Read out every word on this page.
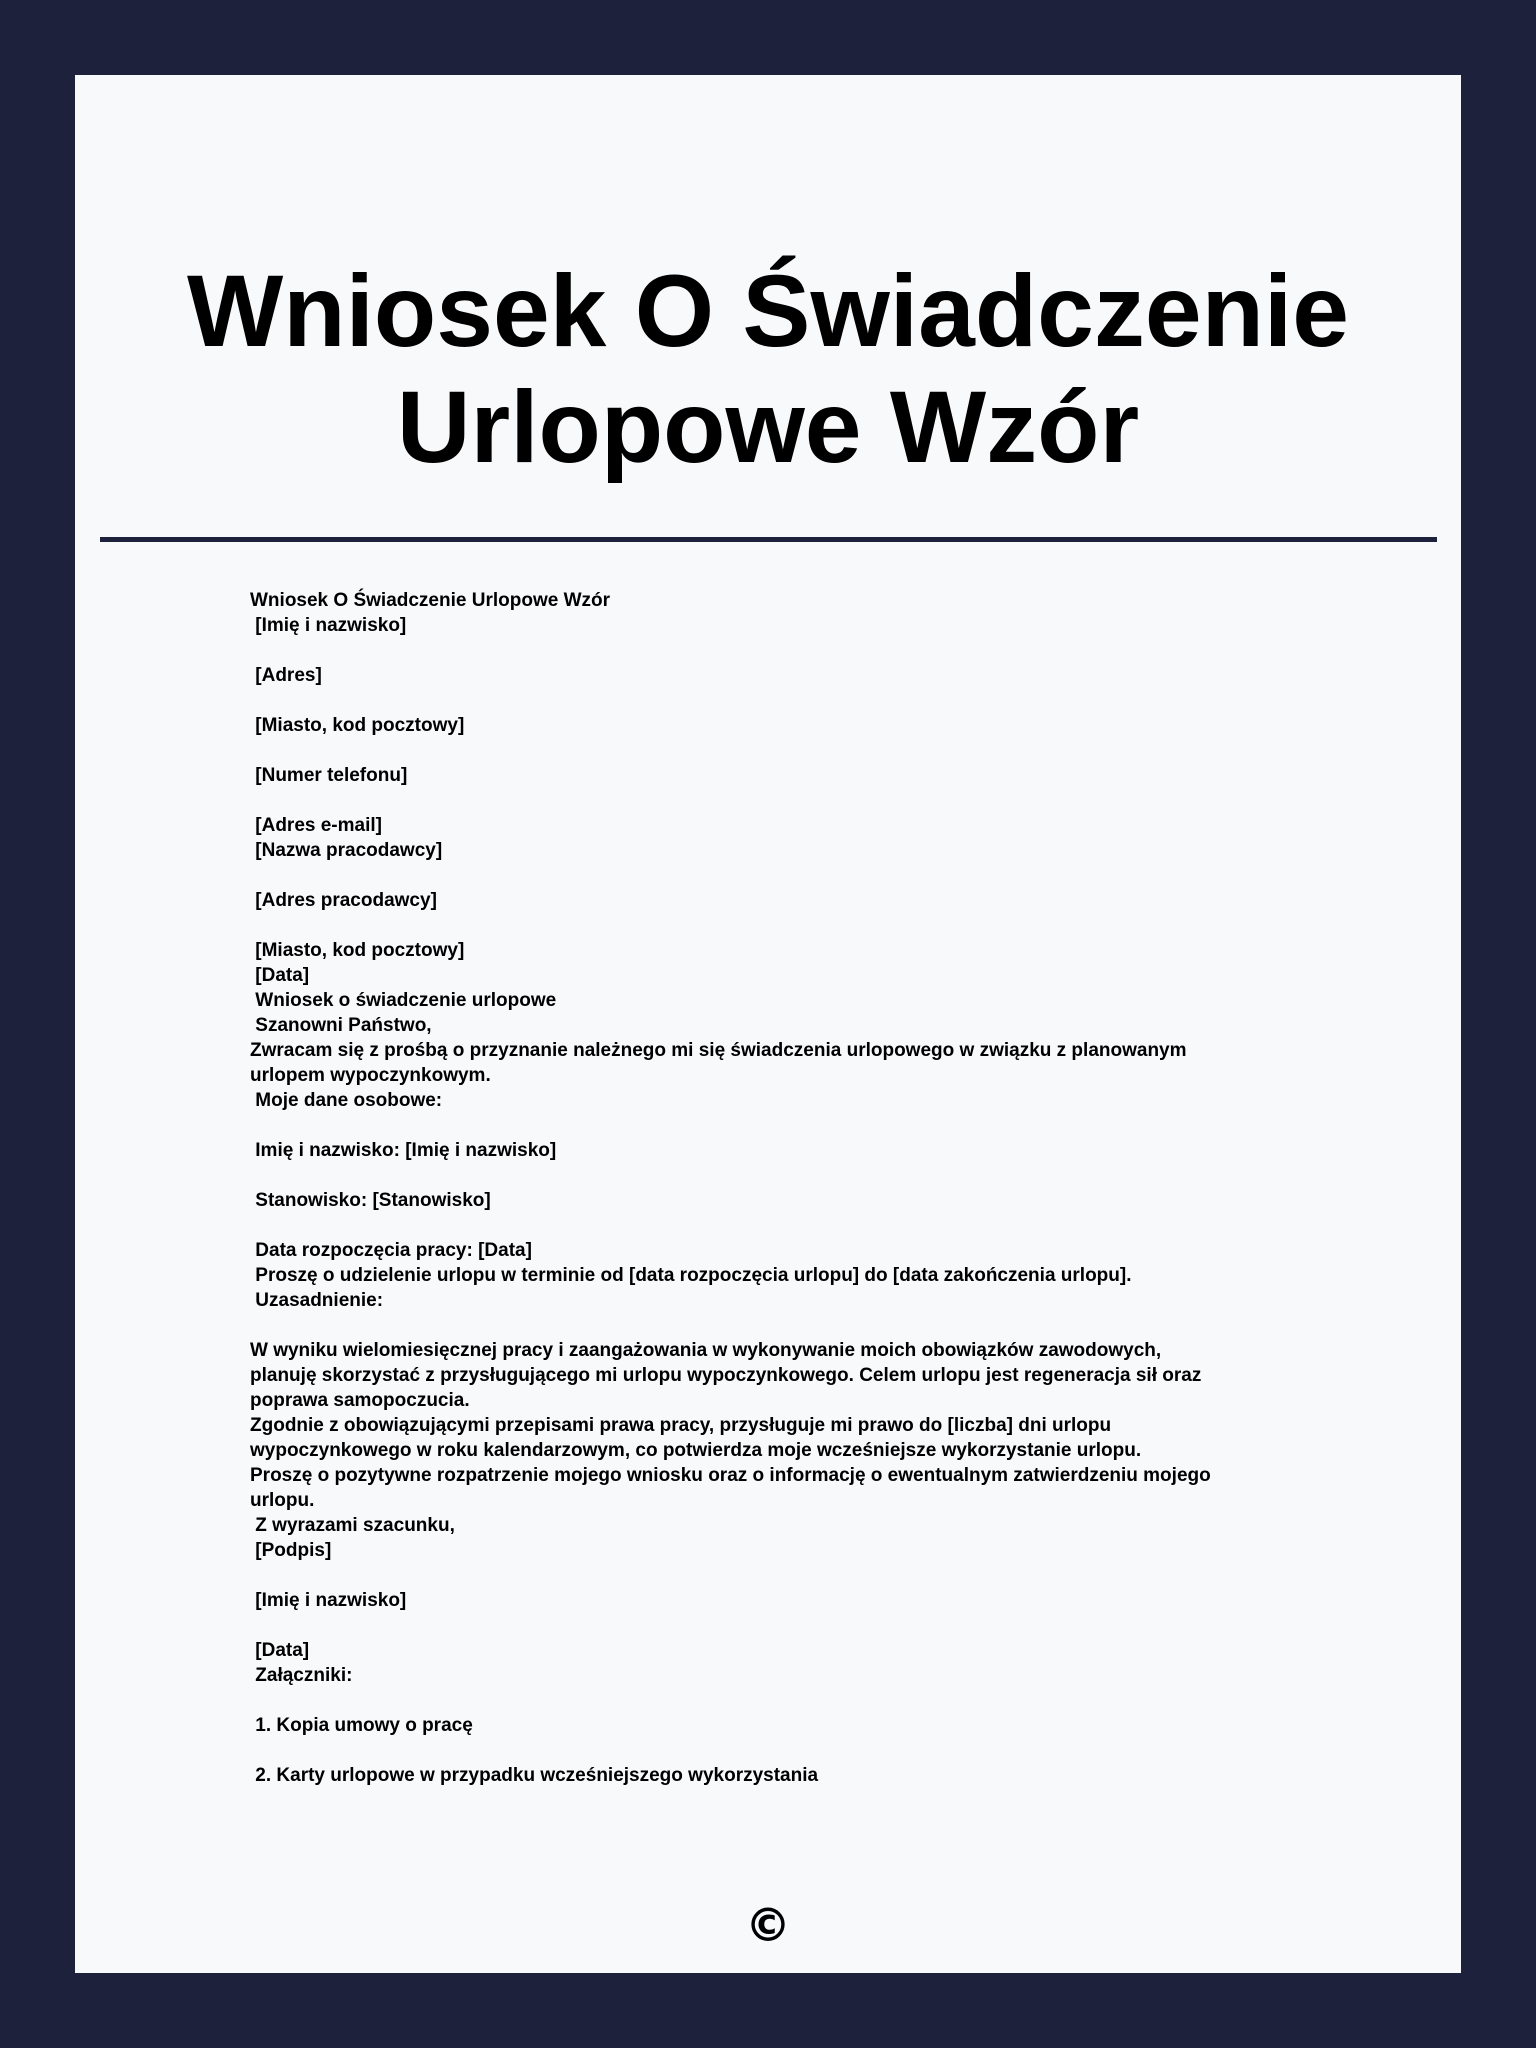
Wniosek O Świadczenie
Urlopowe Wzór
Wniosek O Świadczenie Urlopowe Wzór
[Imię i nazwisko]
[Adres]
[Miasto, kod pocztowy]
[Numer telefonu]
[Adres e-mail]
[Nazwa pracodawcy]
[Adres pracodawcy]
[Miasto, kod pocztowy]
[Data]
Wniosek o świadczenie urlopowe
Szanowni Państwo,
Zwracam się z prośbą o przyznanie należnego mi się świadczenia urlopowego w związku z planowanym
urlopem wypoczynkowym.
Moje dane osobowe:
Imię i nazwisko: [Imię i nazwisko]
Stanowisko: [Stanowisko]
Data rozpoczęcia pracy: [Data]
Proszę o udzielenie urlopu w terminie od [data rozpoczęcia urlopu] do [data zakończenia urlopu].
Uzasadnienie:
W wyniku wielomiesięcznej pracy i zaangażowania w wykonywanie moich obowiązków zawodowych,
planuję skorzystać z przysługującego mi urlopu wypoczynkowego. Celem urlopu jest regeneracja sił oraz
poprawa samopoczucia.
Zgodnie z obowiązującymi przepisami prawa pracy, przysługuje mi prawo do [liczba] dni urlopu
wypoczynkowego w roku kalendarzowym, co potwierdza moje wcześniejsze wykorzystanie urlopu.
Proszę o pozytywne rozpatrzenie mojego wniosku oraz o informację o ewentualnym zatwierdzeniu mojego
urlopu.
Z wyrazami szacunku,
[Podpis]
[Imię i nazwisko]
[Data]
Załączniki:
1. Kopia umowy o pracę
2. Karty urlopowe w przypadku wcześniejszego wykorzystania
©
